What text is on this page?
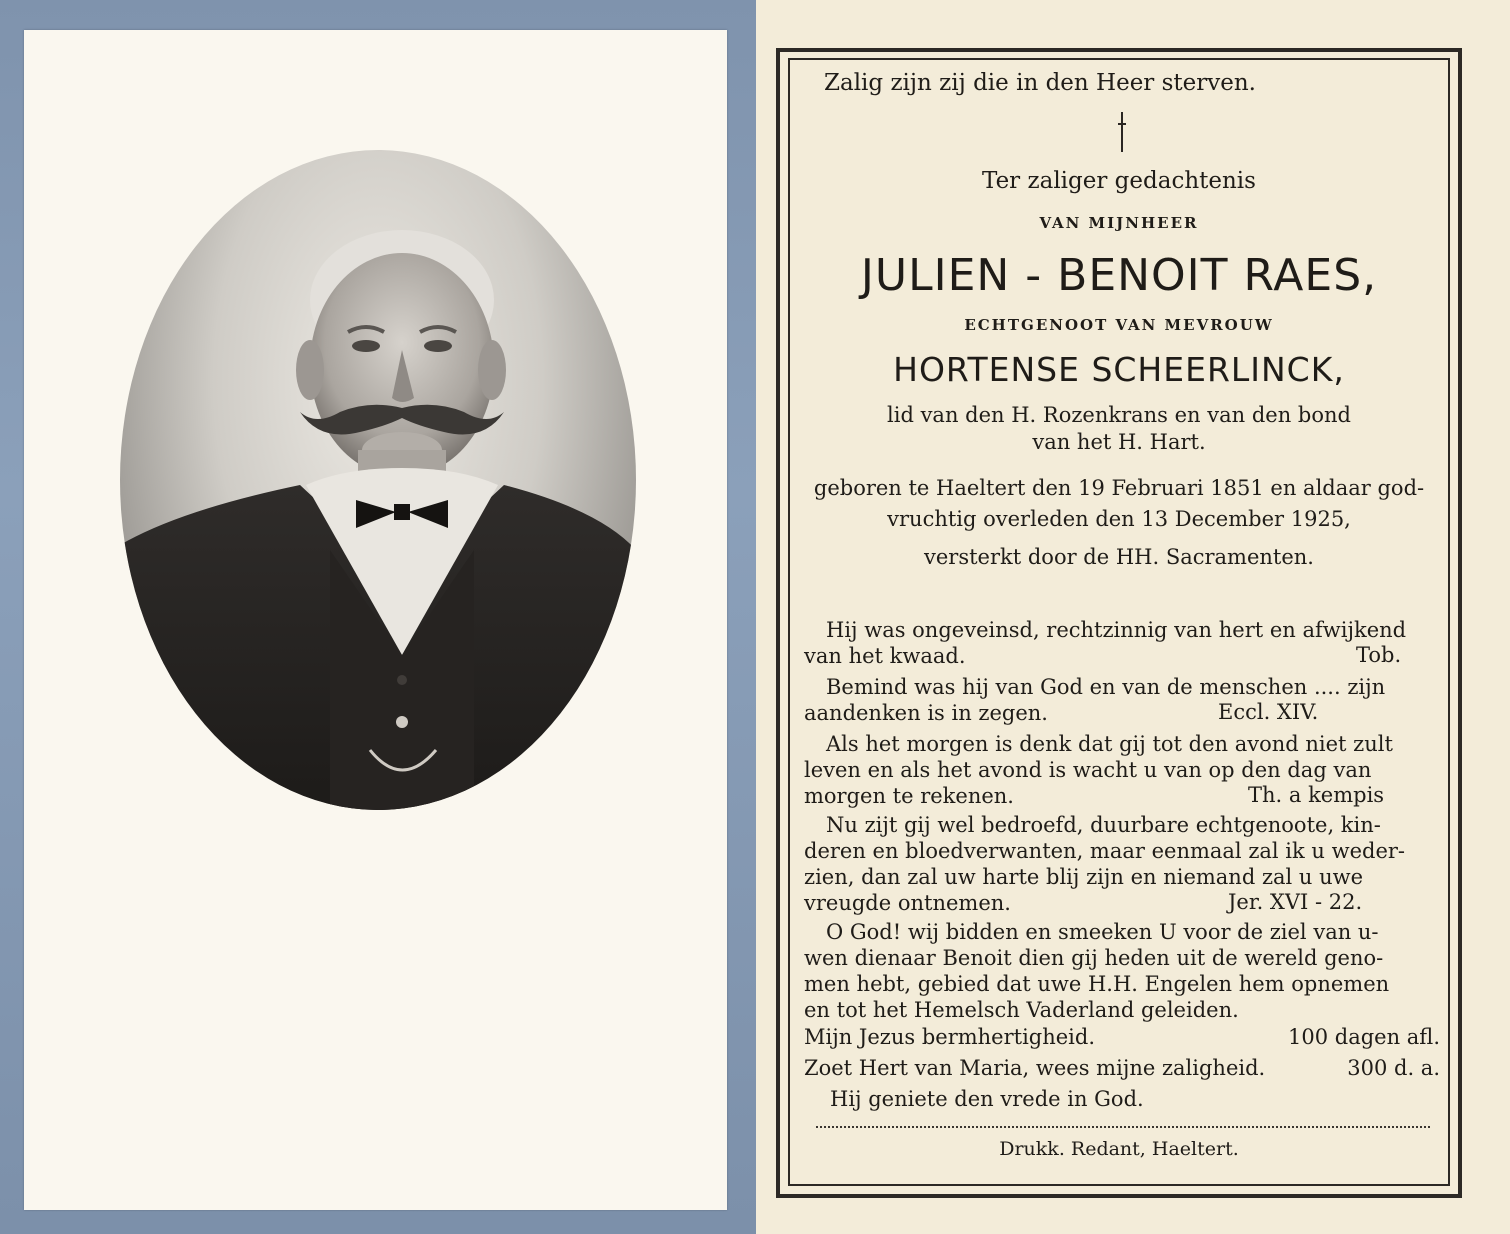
Zalig zijn zij die in den Heer sterven.
Ter zaliger gedachtenis
VAN MIJNHEER
JULIEN - BENOIT RAES,
ECHTGENOOT VAN MEVROUW
HORTENSE SCHEERLINCK,
lid van den H. Rozenkrans en van den bond
van het H. Hart.
geboren te Haeltert den 19 Februari 1851 en aldaar god-
vruchtig overleden den 13 December 1925,
versterkt door de HH. Sacramenten.
Hij was ongeveinsd, rechtzinnig van hert en afwijkend
van het kwaad.	Tob.
Bemind was hij van God en van de menschen .... zijn
aandenken is in zegen.	Eccl. XIV.
Als het morgen is denk dat gij tot den avond niet zult
leven en als het avond is wacht u van op den dag van
morgen te rekenen.	Th. a kempis
Nu zijt gij wel bedroefd, duurbare echtgenoote, kin-
deren en bloedverwanten, maar eenmaal zal ik u weder-
zien, dan zal uw harte blij zijn en niemand zal u uwe
vreugde ontnemen.	Jer. XVI - 22.
O God! wij bidden en smeeken U voor de ziel van u-
wen dienaar Benoit dien gij heden uit de wereld geno-
men hebt, gebied dat uwe H.H. Engelen hem opnemen
en tot het Hemelsch Vaderland geleiden.
Mijn Jezus bermhertigheid.	100 dagen afl.
Zoet Hert van Maria, wees mijne zaligheid.	300 d. a.
Hij geniete den vrede in God.
Drukk. Redant, Haeltert.
